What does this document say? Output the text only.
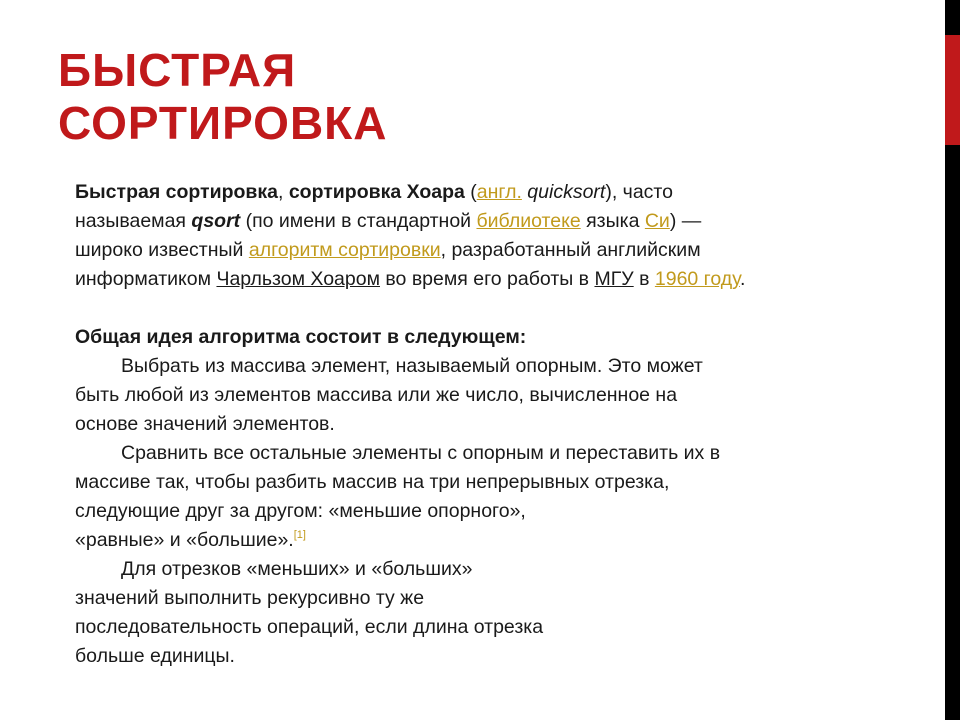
БЫСТРАЯ
СОРТИРОВКА

Быстрая сортировка, сортировка Хоара (англ. quicksort), часто
называемая qsort (по имени в стандартной библиотеке языка Си) —
широко известный алгоритм сортировки, разработанный английским
информатиком Чарльзом Хоаром во время его работы в МГУ в 1960 году.

Общая идея алгоритма состоит в следующем:

Выбрать из массива элемент, называемый опорным. Это может
быть любой из элементов массива или же число, вычисленное на
основе значений элементов.

Сравнить все остальные элементы с опорным и переставить их в
массиве так, чтобы разбить массив на три непрерывных отрезка,
следующие друг за другом: «меньшие опорного»,
«равные» и «большие».[1]

Для отрезков «меньших» и «больших»
значений выполнить рекурсивно ту же
последовательность операций, если длина отрезка
больше единицы.
